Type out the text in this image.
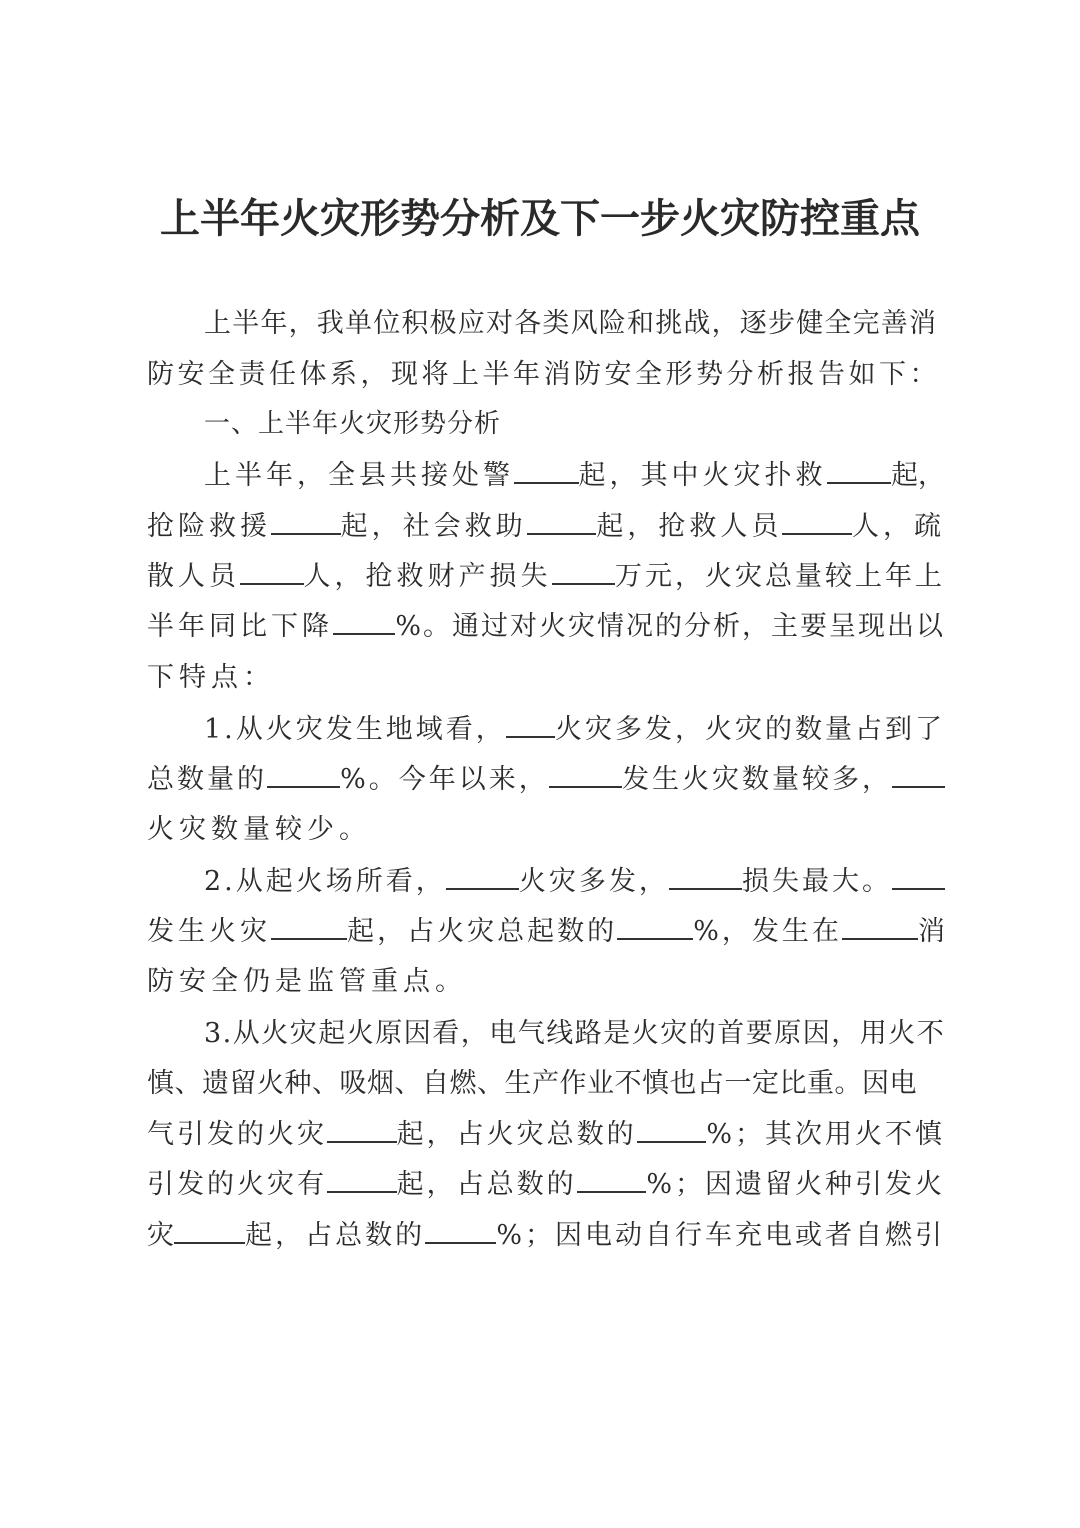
上半年火灾形势分析及下一步火灾防控重点
上半年，我单位积极应对各类风险和挑战，逐步健全完善消
防安全责任体系，现将上半年消防安全形势分析报告如下：
一、上半年火灾形势分析
上半年，全县共接处警 起，其中火灾扑救 起，
抢险救援	起，社会救助	起，抢救人员	人，疏
散人员 人，抢救财产损失 万元，火灾总量较上年上
半年同比下降 %。通过对火灾情况的分析，主要呈现出以
下特点：
1.从火灾发生地域看， 火灾多发，火灾的数量占到了
总数量的	%。今年以来，	发生火灾数量较多，
火灾数量较少。
2.从起火场所看，	火灾多发，	损失最大。
发生火灾	起，占火灾总起数的	%，发生在	消
防安全仍是监管重点。
3.从火灾起火原因看，电气线路是火灾的首要原因，用火不
慎、遗留火种、吸烟、自燃、生产作业不慎也占一定比重。因电
气引发的火灾	起，占火灾总数的	%；其次用火不慎
引发的火灾有	起，占总数的	%；因遗留火种引发火
灾	起，占总数的	%；因电动自行车充电或者自燃引
